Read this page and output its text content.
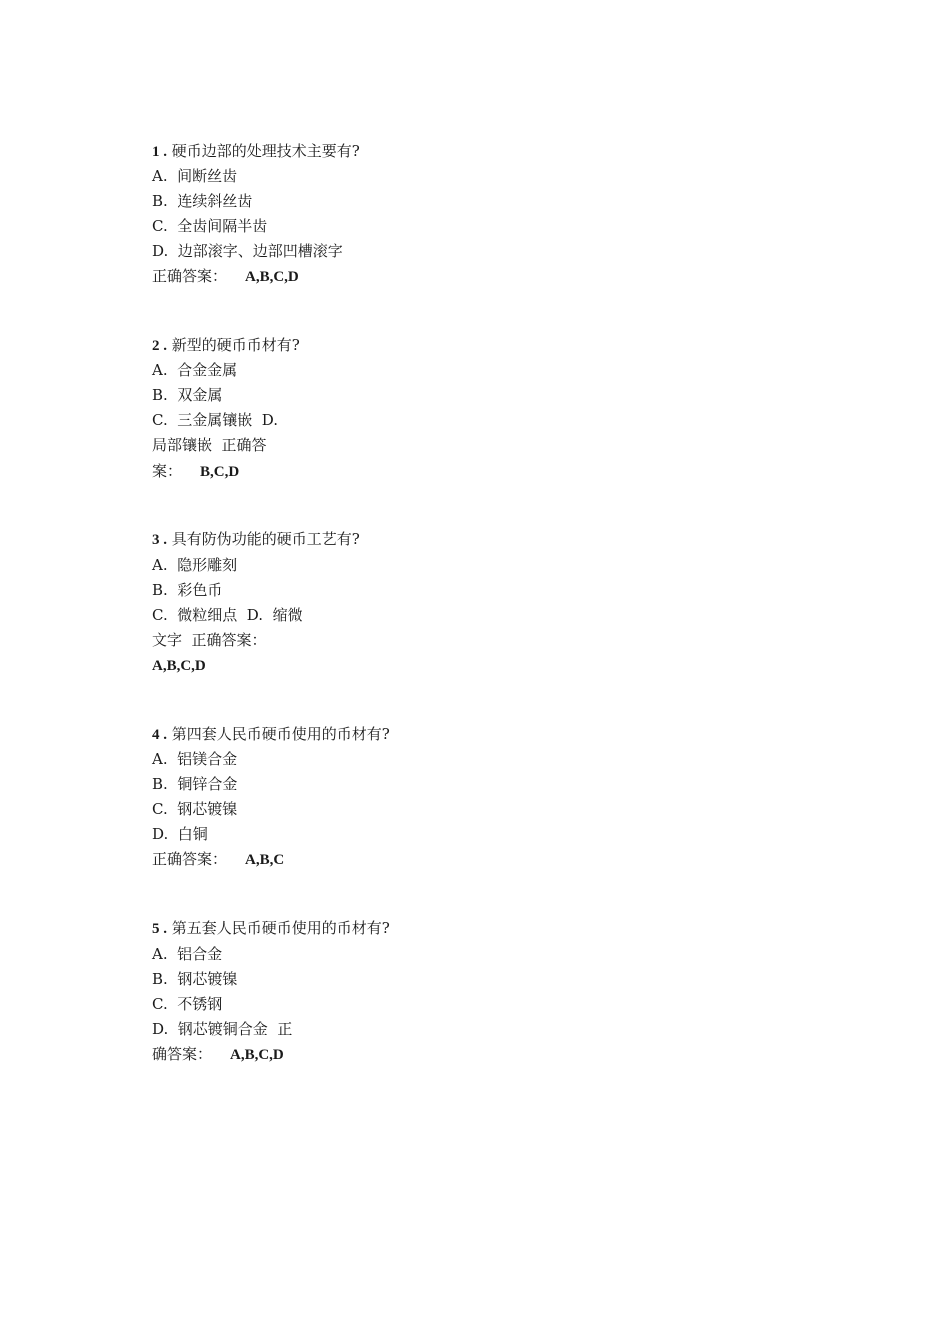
1 . 硬币边部的处理技术主要有?
A.  间断丝齿
B.  连续斜丝齿
C.  全齿间隔半齿
D.  边部滚字、边部凹槽滚字
正确答案： A,B,C,D
2 . 新型的硬币币材有?
A.  合金金属
B.  双金属
C.  三金属镶嵌  D.
局部镶嵌  正确答
案： B,C,D
3 . 具有防伪功能的硬币工艺有?
A.  隐形雕刻
B.  彩色币
C.  微粒细点  D.  缩微
文字  正确答案：
A,B,C,D
4 . 第四套人民币硬币使用的币材有?
A.  铝镁合金
B.  铜锌合金
C.  钢芯镀镍
D.  白铜
正确答案： A,B,C
5 . 第五套人民币硬币使用的币材有?
A.  铝合金
B.  钢芯镀镍
C.  不锈钢
D.  钢芯镀铜合金  正
确答案： A,B,C,D
